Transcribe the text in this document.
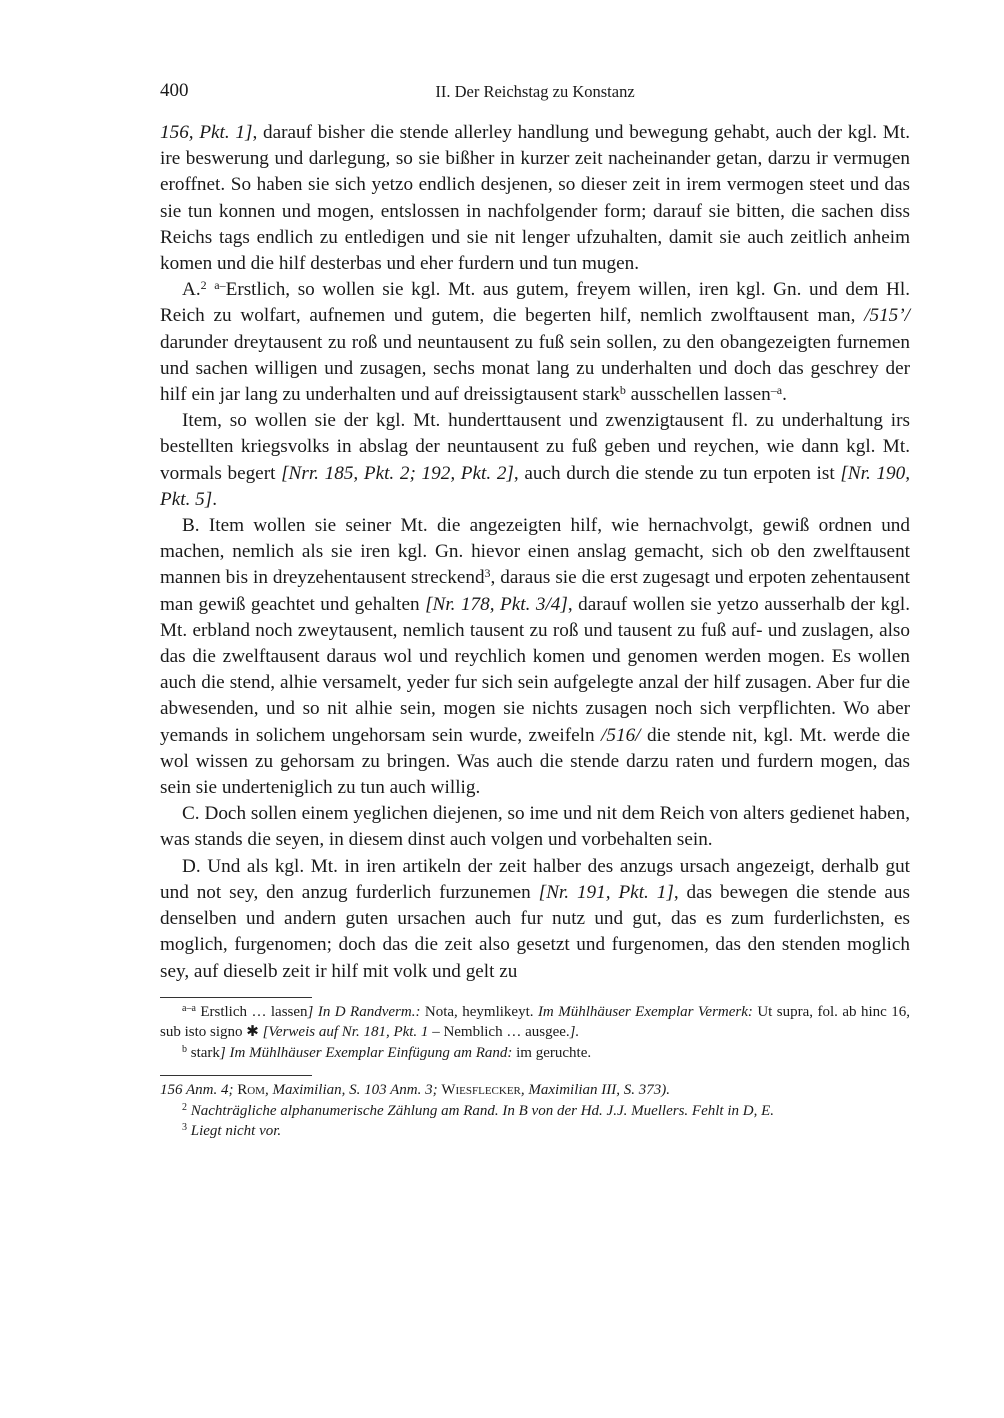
400	II. Der Reichstag zu Konstanz

156, Pkt. 1], darauf bisher die stende allerley handlung und bewegung gehabt, auch der kgl. Mt. ire beswerung und darlegung, so sie bißher in kurzer zeit nacheinander getan, darzu ir vermugen eroffnet. So haben sie sich yetzo endlich desjenen, so dieser zeit in irem vermogen steet und das sie tun konnen und mogen, entslossen in nachfolgender form; darauf sie bitten, die sachen diss Reichs tags endlich zu entledigen und sie nit lenger ufzuhalten, damit sie auch zeitlich anheim komen und die hilf desterbas und eher furdern und tun mugen.

A.$^2$ $^{a-}$Erstlich, so wollen sie kgl. Mt. aus gutem, freyem willen, iren kgl. Gn. und dem Hl. Reich zu wolfart, aufnemen und gutem, die begerten hilf, nemlich zwolftausent man, /515’/ darunder dreytausent zu roß und neuntausent zu fuß sein sollen, zu den obangezeigten furnemen und sachen willigen und zusagen, sechs monat lang zu underhalten und doch das geschrey der hilf ein jar lang zu underhalten und auf dreissigtausent stark$^b$ ausschellen lassen$^{-a}$.

Item, so wollen sie der kgl. Mt. hunderttausent und zwenzigtausent fl. zu underhaltung irs bestellten kriegsvolks in abslag der neuntausent zu fuß geben und reychen, wie dann kgl. Mt. vormals begert [Nrr. 185, Pkt. 2; 192, Pkt. 2], auch durch die stende zu tun erpoten ist [Nr. 190, Pkt. 5].

B. Item wollen sie seiner Mt. die angezeigten hilf, wie hernachvolgt, gewiß ordnen und machen, nemlich als sie iren kgl. Gn. hievor einen anslag gemacht, sich ob den zwelftausent mannen bis in dreyzehentausent streckend$^3$, daraus sie die erst zugesagt und erpoten zehentausent man gewiß geachtet und gehalten [Nr. 178, Pkt. 3/4], darauf wollen sie yetzo ausserhalb der kgl. Mt. erbland noch zweytausent, nemlich tausent zu roß und tausent zu fuß auf- und zuslagen, also das die zwelftausent daraus wol und reychlich komen und genomen werden mogen. Es wollen auch die stend, alhie versamelt, yeder fur sich sein aufgelegte anzal der hilf zusagen. Aber fur die abwesenden, und so nit alhie sein, mogen sie nichts zusagen noch sich verpflichten. Wo aber yemands in solichem ungehorsam sein wurde, zweifeln /516/ die stende nit, kgl. Mt. werde die wol wissen zu gehorsam zu bringen. Was auch die stende darzu raten und furdern mogen, das sein sie underteniglich zu tun auch willig.

C. Doch sollen einem yeglichen diejenen, so ime und nit dem Reich von alters gedienet haben, was stands die seyen, in diesem dinst auch volgen und vorbehalten sein.

D. Und als kgl. Mt. in iren artikeln der zeit halber des anzugs ursach angezeigt, derhalb gut und not sey, den anzug furderlich furzunemen [Nr. 191, Pkt. 1], das bewegen die stende aus denselben und andern guten ursachen auch fur nutz und gut, das es zum furderlichsten, es moglich, furgenomen; doch das die zeit also gesetzt und furgenomen, das den stenden moglich sey, auf dieselb zeit ir hilf mit volk und gelt zu

$^{a-a}$ Erstlich … lassen] In D Randverm.: Nota, heymlikeyt. Im Mühlhäuser Exemplar Vermerk: Ut supra, fol. ab hinc 16, sub isto signo ✱ [Verweis auf Nr. 181, Pkt. 1 – Nemblich … ausgee.].

$^b$ stark] Im Mühlhäuser Exemplar Einfügung am Rand: im geruchte.

156 Anm. 4; Rom, Maximilian, S. 103 Anm. 3; Wiesflecker, Maximilian III, S. 373).

$^2$ Nachträgliche alphanumerische Zählung am Rand. In B von der Hd. J.J. Muellers. Fehlt in D, E.

$^3$ Liegt nicht vor.
